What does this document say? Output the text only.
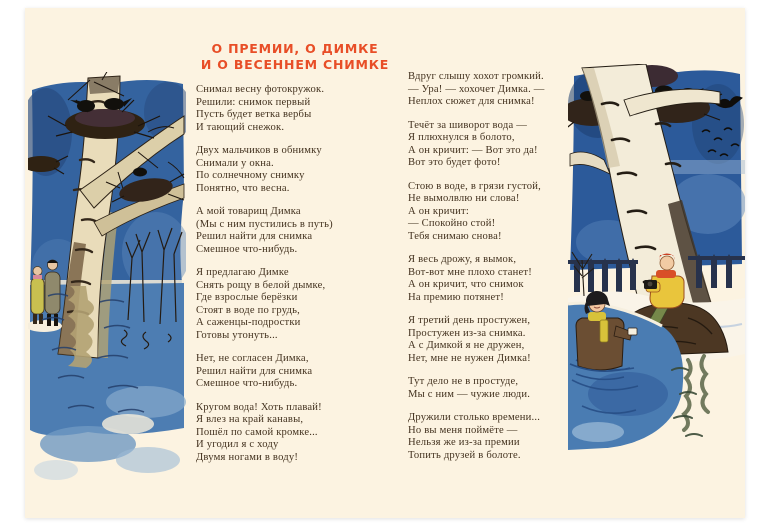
О ПРЕМИИ, О ДИМКЕ
И О ВЕСЕННЕМ СНИМКЕ
Снимал весну фотокружок.
Решили: снимок первый
Пусть будет ветка вербы
И тающий снежок.
Двух мальчиков в обнимку
Снимали у окна.
По солнечному снимку
Понятно, что весна.
А мой товарищ Димка
(Мы с ним пустились в путь)
Решил найти для снимка
Смешное что-нибудь.
Я предлагаю Димке
Снять рощу в белой дымке,
Где взрослые берёзки
Стоят в воде по грудь,
А саженцы-подростки
Готовы утонуть...
Нет, не согласен Димка,
Решил найти для снимка
Смешное что-нибудь.
Кругом вода! Хоть плавай!
Я влез на край канавы,
Пошёл по самой кромке...
И угодил я с ходу
Двумя ногами в воду!
Вдруг слышу хохот громкий.
— Ура! — хохочет Димка. —
Неплох сюжет для снимка!
Течёт за шиворот вода —
Я плюхнулся в болото,
А он кричит: — Вот это да!
Вот это будет фото!
Стою в воде, в грязи густой,
Не вымолвлю ни слова!
А он кричит:
— Спокойно стой!
Тебя снимаю снова!
Я весь дрожу, я вымок,
Вот-вот мне плохо станет!
А он кричит, что снимок
На премию потянет!
Я третий день простужен,
Простужен из-за снимка.
А с Димкой я не дружен,
Нет, мне не нужен Димка!
Тут дело не в простуде,
Мы с ним — чужие люди.
Дружили столько времени...
Но вы меня поймёте —
Нельзя же из-за премии
Топить друзей в болоте.
